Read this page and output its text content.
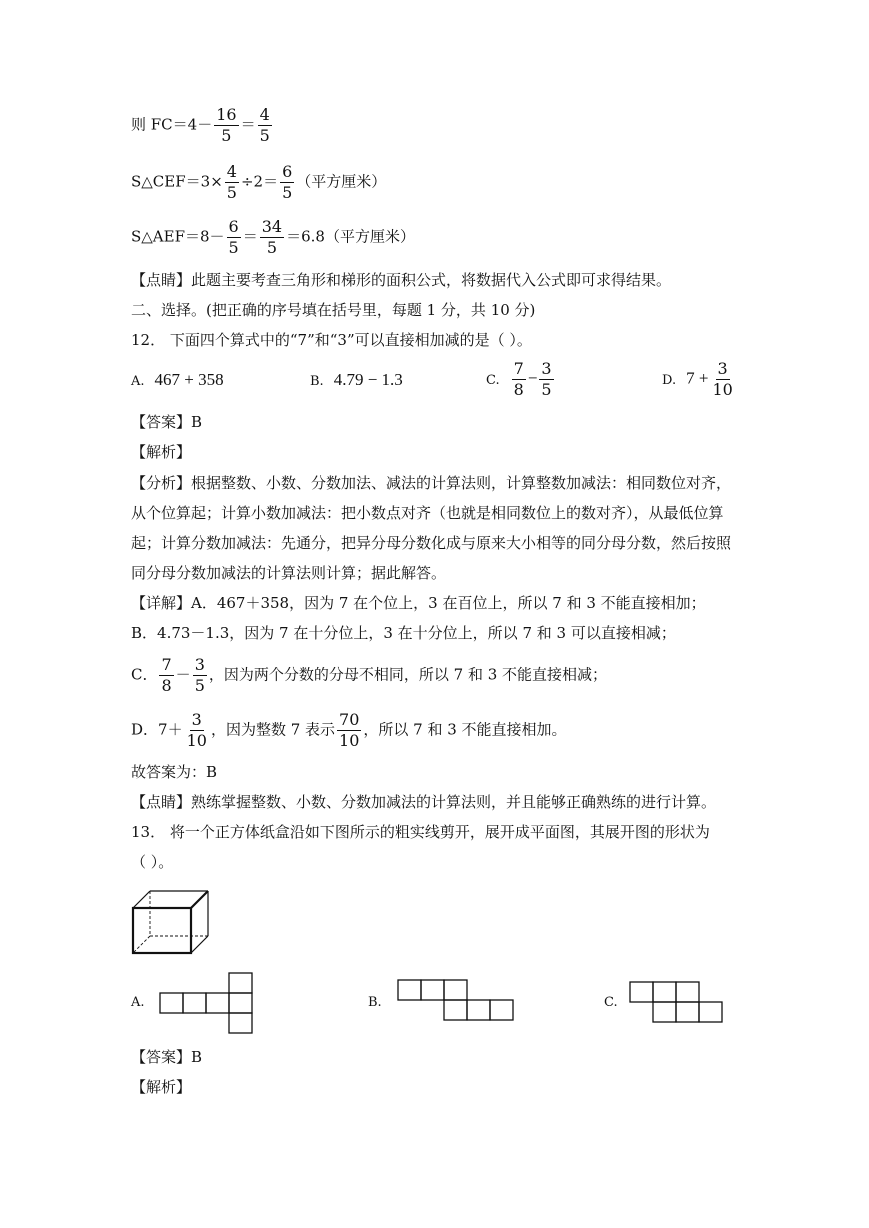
则 $FC=4- \frac{16}{5} = \frac{4}{5}$
S△CEF＝3× $\frac{4}{5} \div 2= \frac{6}{5}$ （平方厘米）
S△AEF＝8－ $\frac{6}{5} = \frac{34}{5} =6.8$（平方厘米）
【点睛】此题主要考查三角形和梯形的面积公式，将数据代入公式即可求得结果。
二、选择。(把正确的序号填在括号里，每题 1 分，共 10 分)
12． 下面四个算式中的“7”和“3”可以直接相加减的是（ ）。
A. 467 + 358	B. 4.79 − 1.3	C. $\frac{7}{8} - \frac{3}{5}$	D. $7 + \frac{3}{10}$
【答案】B
【解析】
【分析】根据整数、小数、分数加法、减法的计算法则，计算整数加减法：相同数位对齐，
从个位算起；计算小数加减法：把小数点对齐（也就是相同数位上的数对齐），从最低位算
起；计算分数加减法：先通分，把异分母分数化成与原来大小相等的同分母分数，然后按照
同分母分数加减法的计算法则计算；据此解答。
【详解】A．467＋358，因为 7 在个位上，3 在百位上，所以 7 和 3 不能直接相加；
B．4.73－1.3，因为 7 在十分位上，3 在十分位上，所以 7 和 3 可以直接相减；
C． $\frac{7}{8} - \frac{3}{5}$ ，因为两个分数的分母不相同，所以 7 和 3 不能直接相减；
D．$7+ \frac{3}{10}$ ，因为整数 7 表示 $\frac{70}{10}$ ，所以 7 和 3 不能直接相加。
故答案为：B
【点睛】熟练掌握整数、小数、分数加减法的计算法则，并且能够正确熟练的进行计算。
13． 将一个正方体纸盒沿如下图所示的粗实线剪开，展开成平面图，其展开图的形状为
（ ）。
A.	B.	C.
【答案】B
【解析】
